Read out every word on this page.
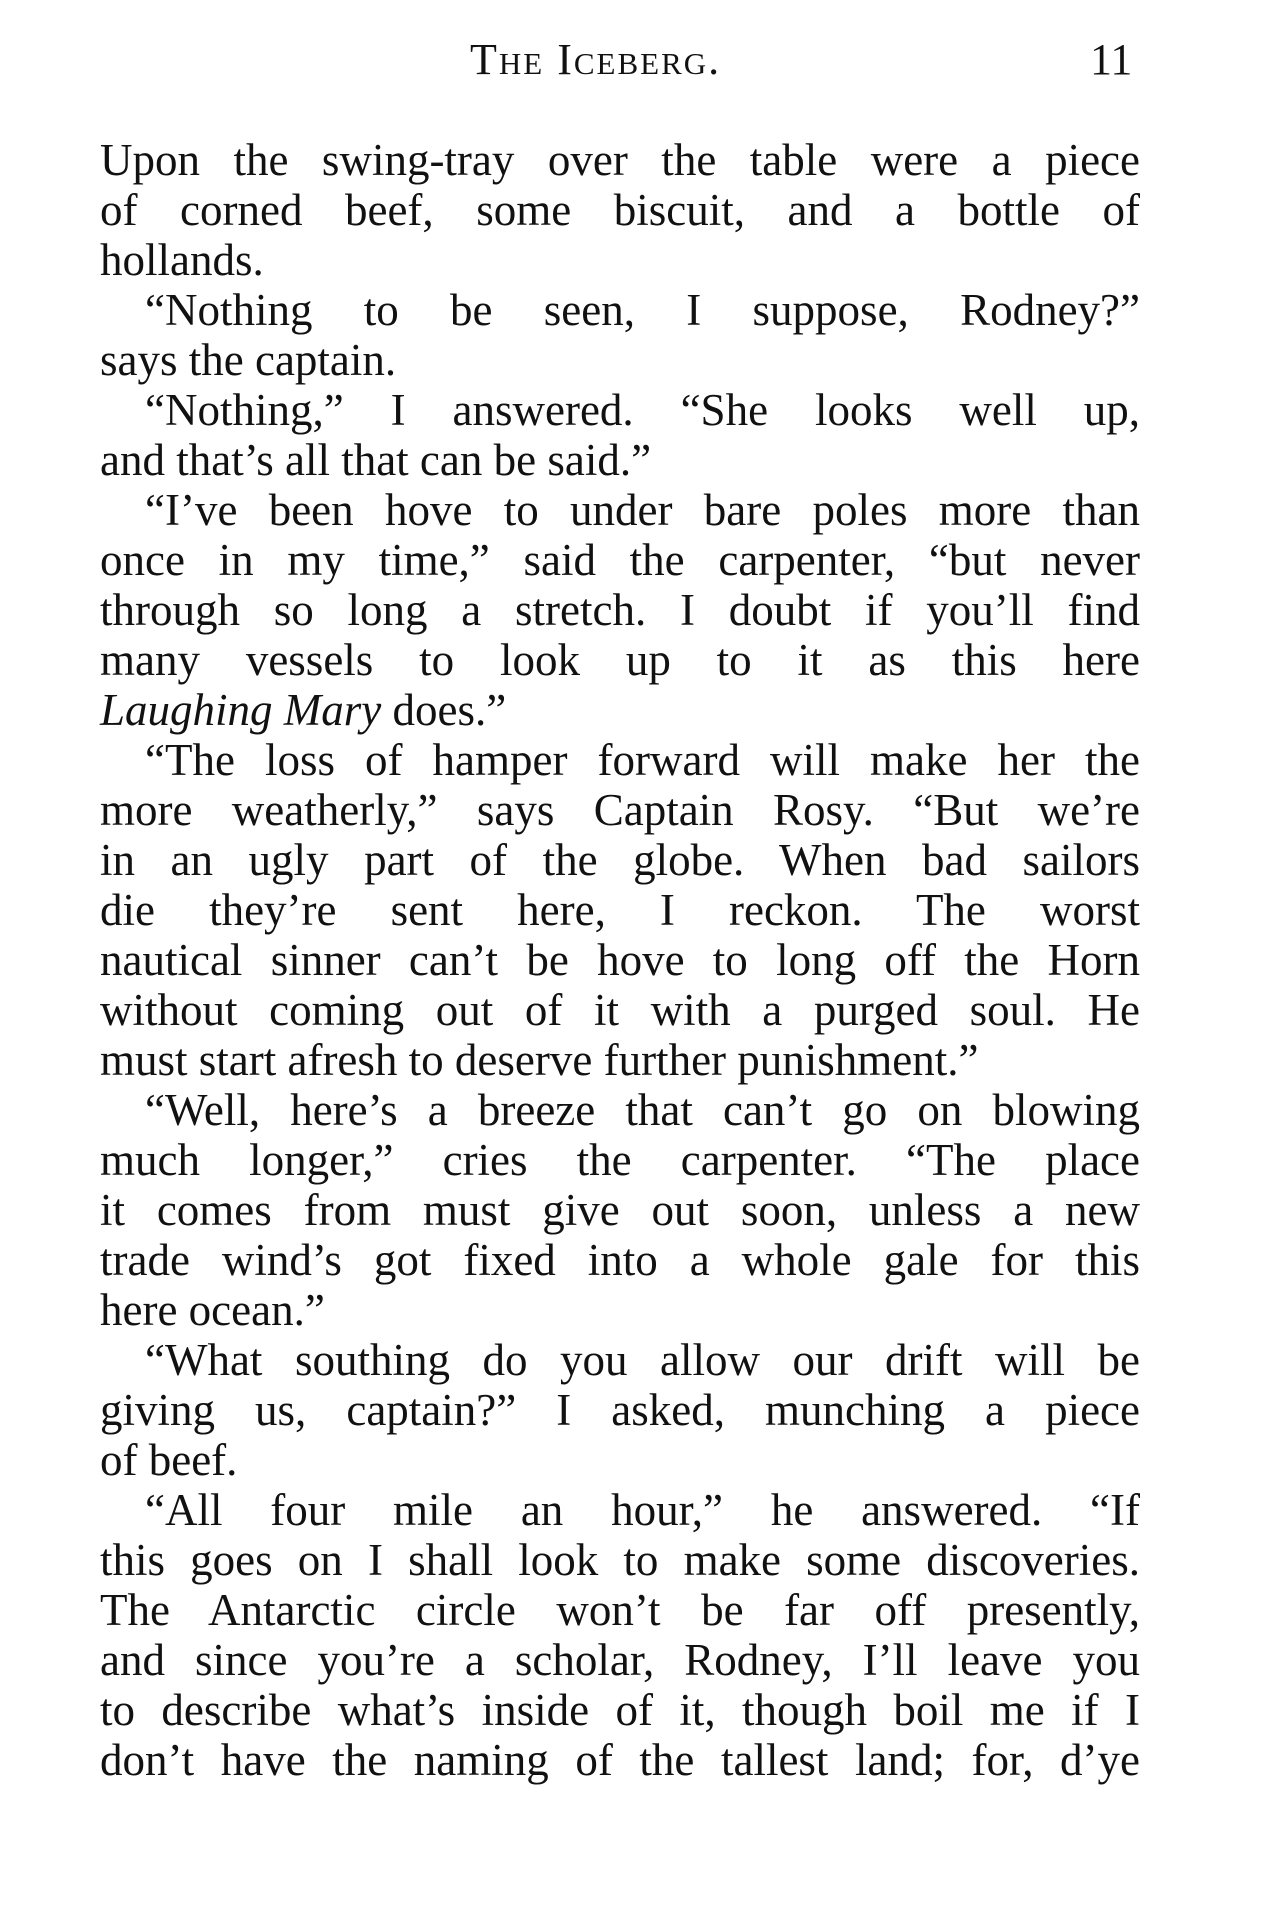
The Iceberg.	11
Upon the swing-tray over the table were a piece
of corned beef, some biscuit, and a bottle of
hollands.
“Nothing to be seen, I suppose, Rodney?”
says the captain.
“Nothing,” I answered. “She looks well up,
and that’s all that can be said.”
“I’ve been hove to under bare poles more than
once in my time,” said the carpenter, “but never
through so long a stretch. I doubt if you’ll find
many vessels to look up to it as this here
Laughing Mary does.”
“The loss of hamper forward will make her the
more weatherly,” says Captain Rosy. “But we’re
in an ugly part of the globe. When bad sailors
die they’re sent here, I reckon. The worst
nautical sinner can’t be hove to long off the Horn
without coming out of it with a purged soul. He
must start afresh to deserve further punishment.”
“Well, here’s a breeze that can’t go on blowing
much longer,” cries the carpenter. “The place
it comes from must give out soon, unless a new
trade wind’s got fixed into a whole gale for this
here ocean.”
“What southing do you allow our drift will be
giving us, captain?” I asked, munching a piece
of beef.
“All four mile an hour,” he answered. “If
this goes on I shall look to make some discoveries.
The Antarctic circle won’t be far off presently,
and since you’re a scholar, Rodney, I’ll leave you
to describe what’s inside of it, though boil me if I
don’t have the naming of the tallest land; for, d’ye
